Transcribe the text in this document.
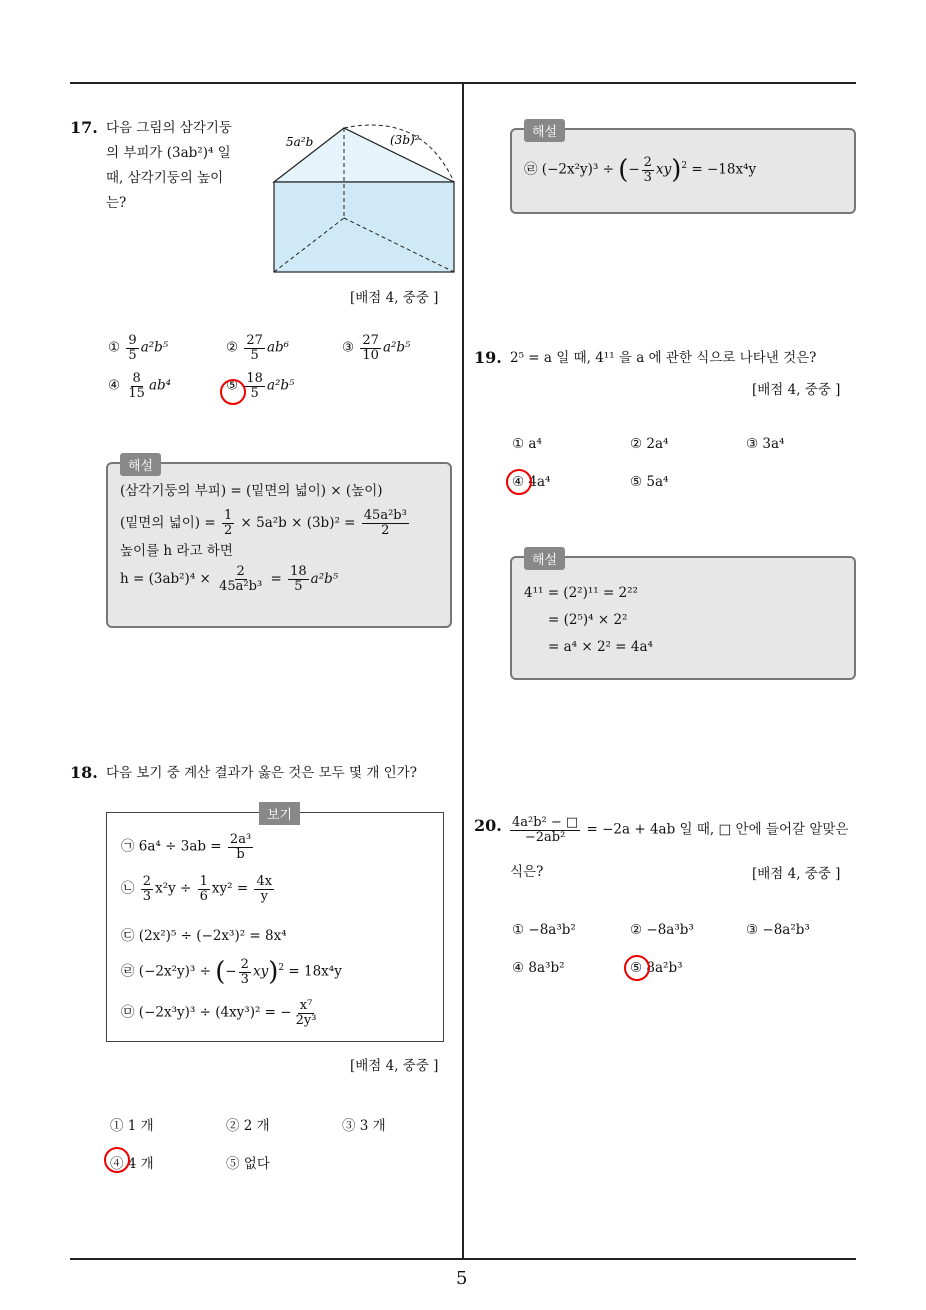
5
17. 다음 그림의 삼각기둥
의 부피가 (3ab²)⁴ 일
때, 삼각기둥의 높이
는?
5a²b	(3b)²
[배점 4, 중중 ]
① $\frac{9}{5} a^2b^5$	② $\frac{27}{5} ab^6$	③ $\frac{27}{10} a^2b^5$
④ $\frac{8}{15} ab^4$	⑤ $\frac{18}{5} a^2b^5$
해설
(삼각기둥의 부피) = (밑면의 넓이) × (높이)
(밑면의 넓이) = $\frac{1}{2} \times 5a^2b \times (3b)^2 = \frac{\text{45a²b³}}{2}$
높이를 h 라고 하면
$h = (3ab^2)^4 \times \frac{2}{\text{45a²b³}} = \frac{18}{5} a^2b^5$
18. 다음 보기 중 계산 결과가 옳은 것은 모두 몇 개 인가?
보기
㉠ $6a^4 \div 3ab = \frac{\text{2a³}}{b}$
㉡ $\frac{2}{3} x^2y \div \frac{1}{6} xy^2 = \frac{4x}{y}$
㉢ (2x²)⁵ ÷ (−2x³)² = 8x⁴
㉣ (−2x²y)³ ÷ (− $\frac{2}{3} xy)^2 = 18x^4y$
㉤ (−2x³y)³ ÷ (4xy³)² = − $\frac{\text{x⁷}}{\text{2y³}}$
[배점 4, 중중 ]
① 1 개	② 2 개	③ 3 개
④ 4 개	⑤ 없다
해설
㉣ (−2x²y)³ ÷ (− $\frac{2}{3} xy)^2 = -18x^4y$
19. 2⁵ = a 일 때, 4¹¹ 을 a 에 관한 식으로 나타낸 것은?
[배점 4, 중중 ]
① a⁴	② 2a⁴	③ 3a⁴
④ 4a⁴	⑤ 5a⁴
해설
4¹¹ = (2²)¹¹ = 2²²
= (2⁵)⁴ × 2²
= a⁴ × 2² = 4a⁴
20. $\frac{\text{4a²b² − □}}{\text{−2ab²}} = -2a + 4ab$ 일 때, □ 안에 들어갈 알맞은
식은?	[배점 4, 중중 ]
① −8a³b²	② −8a³b³	③ −8a²b³
④ 8a³b²	⑤ 8a²b³
